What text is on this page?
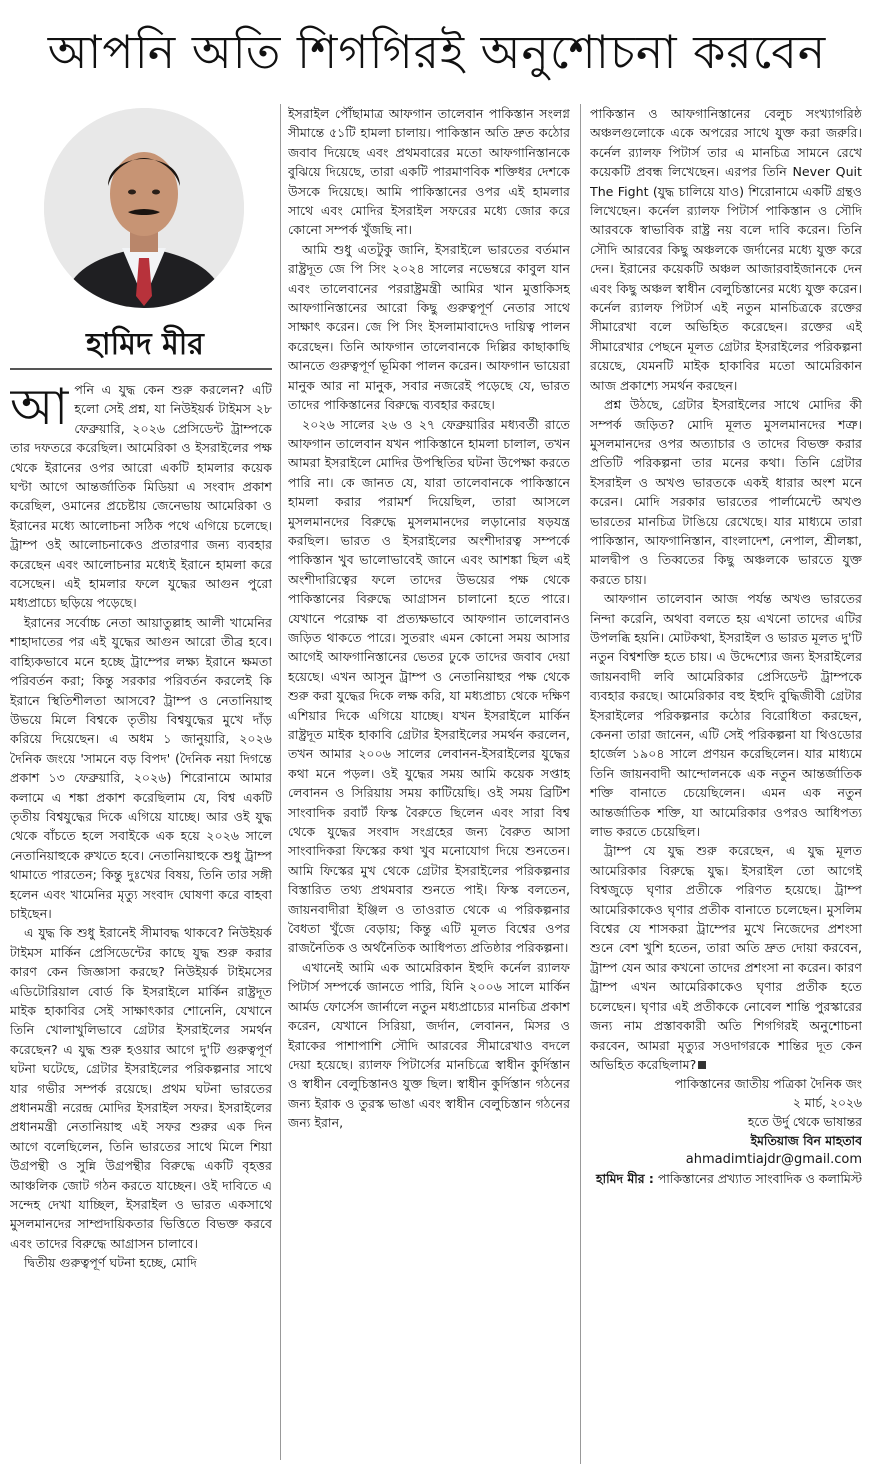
আপনি অতি শিগগিরই অনুশোচনা করবেন
হামিদ মীর

আপনি এ যুদ্ধ কেন শুরু করলেন? এটি হলো সেই প্রশ্ন, যা নিউইয়র্ক টাইমস ২৮ ফেব্রুয়ারি, ২০২৬ প্রেসিডেন্ট ট্রাম্পকে তার দফতরে করেছিল। আমেরিকা ও ইসরাইলের পক্ষ থেকে ইরানের ওপর আরো একটি হামলার কয়েক ঘণ্টা আগে আন্তর্জাতিক মিডিয়া এ সংবাদ প্রকাশ করেছিল, ওমানের প্রচেষ্টায় জেনেভায় আমেরিকা ও ইরানের মধ্যে আলোচনা সঠিক পথে এগিয়ে চলেছে। ট্রাম্প ওই আলোচনাকেও প্রতারণার জন্য ব্যবহার করেছেন এবং আলোচনার মধ্যেই ইরানে হামলা করে বসেছেন। এই হামলার ফলে যুদ্ধের আগুন পুরো মধ্যপ্রাচ্যে ছড়িয়ে পড়েছে।

ইরানের সর্বোচ্চ নেতা আয়াতুল্লাহ আলী খামেনির শাহাদাতের পর এই যুদ্ধের আগুন আরো তীব্র হবে। বাহ্যিকভাবে মনে হচ্ছে ট্রাম্পের লক্ষ্য ইরানে ক্ষমতা পরিবর্তন করা; কিন্তু সরকার পরিবর্তন করলেই কি ইরানে স্থিতিশীলতা আসবে? ট্রাম্প ও নেতানিয়াহু উভয়ে মিলে বিশ্বকে তৃতীয় বিশ্বযুদ্ধের মুখে দাঁড় করিয়ে দিয়েছেন। এ অধম ১ জানুয়ারি, ২০২৬ দৈনিক জংয়ে 'সামনে বড় বিপদ' (দৈনিক নয়া দিগন্তে প্রকাশ ১৩ ফেব্রুয়ারি, ২০২৬) শিরোনামে আমার কলামে এ শঙ্কা প্রকাশ করেছিলাম যে, বিশ্ব একটি তৃতীয় বিশ্বযুদ্ধের দিকে এগিয়ে যাচ্ছে। আর ওই যুদ্ধ থেকে বাঁচতে হলে সবাইকে এক হয়ে ২০২৬ সালে নেতানিয়াহুকে রুখতে হবে। নেতানিয়াহুকে শুধু ট্রাম্প থামাতে পারতেন; কিন্তু দুঃখের বিষয়, তিনি তার সঙ্গী হলেন এবং খামেনির মৃত্যু সংবাদ ঘোষণা করে বাহবা চাইছেন।

এ যুদ্ধ কি শুধু ইরানেই সীমাবদ্ধ থাকবে? নিউইয়র্ক টাইমস মার্কিন প্রেসিডেন্টের কাছে যুদ্ধ শুরু করার কারণ কেন জিজ্ঞাসা করছে? নিউইয়র্ক টাইমসের এডিটোরিয়াল বোর্ড কি ইসরাইলে মার্কিন রাষ্ট্রদূত মাইক হাকাবির সেই সাক্ষাৎকার শোনেনি, যেখানে তিনি খোলাখুলিভাবে গ্রেটার ইসরাইলের সমর্থন করেছেন? এ যুদ্ধ শুরু হওয়ার আগে দু'টি গুরুত্বপূর্ণ ঘটনা ঘটেছে, গ্রেটার ইসরাইলের পরিকল্পনার সাথে যার গভীর সম্পর্ক রয়েছে। প্রথম ঘটনা ভারতের প্রধানমন্ত্রী নরেন্দ্র মোদির ইসরাইল সফর। ইসরাইলের প্রধানমন্ত্রী নেতানিয়াহু এই সফর শুরুর এক দিন আগে বলেছিলেন, তিনি ভারতের সাথে মিলে শিয়া উগ্রপন্থী ও সুন্নি উগ্রপন্থীর বিরুদ্ধে একটি বৃহত্তর আঞ্চলিক জোট গঠন করতে যাচ্ছেন। ওই দাবিতে এ সন্দেহ দেখা যাচ্ছিল, ইসরাইল ও ভারত একসাথে মুসলমানদের সাম্প্রদায়িকতার ভিত্তিতে বিভক্ত করবে এবং তাদের বিরুদ্ধে আগ্রাসন চালাবে।

দ্বিতীয় গুরুত্বপূর্ণ ঘটনা হচ্ছে, মোদি

ইসরাইল পৌঁছামাত্র আফগান তালেবান পাকিস্তান সংলগ্ন সীমান্তে ৫১টি হামলা চালায়। পাকিস্তান অতি দ্রুত কঠোর জবাব দিয়েছে এবং প্রথমবারের মতো আফগানিস্তানকে বুঝিয়ে দিয়েছে, তারা একটি পারমাণবিক শক্তিধর দেশকে উসকে দিয়েছে। আমি পাকিস্তানের ওপর এই হামলার সাথে এবং মোদির ইসরাইল সফরের মধ্যে জোর করে কোনো সম্পর্ক খুঁজছি না।

আমি শুধু এতটুকু জানি, ইসরাইলে ভারতের বর্তমান রাষ্ট্রদূত জে পি সিং ২০২৪ সালের নভেম্বরে কাবুল যান এবং তালেবানের পররাষ্ট্রমন্ত্রী আমির খান মুত্তাকিসহ আফগানিস্তানের আরো কিছু গুরুত্বপূর্ণ নেতার সাথে সাক্ষাৎ করেন। জে পি সিং ইসলামাবাদেও দায়িত্ব পালন করেছেন। তিনি আফগান তালেবানকে দিল্লির কাছাকাছি আনতে গুরুত্বপূর্ণ ভূমিকা পালন করেন। আফগান ভায়েরা মানুক আর না মানুক, সবার নজরেই পড়েছে যে, ভারত তাদের পাকিস্তানের বিরুদ্ধে ব্যবহার করছে।

২০২৬ সালের ২৬ ও ২৭ ফেব্রুয়ারির মধ্যবর্তী রাতে আফগান তালেবান যখন পাকিস্তানে হামলা চালাল, তখন আমরা ইসরাইলে মোদির উপস্থিতির ঘটনা উপেক্ষা করতে পারি না। কে জানত যে, যারা তালেবানকে পাকিস্তানে হামলা করার পরামর্শ দিয়েছিল, তারা আসলে মুসলমানদের বিরুদ্ধে মুসলমানদের লড়ানোর ষড়যন্ত্র করছিল। ভারত ও ইসরাইলের অংশীদারত্ব সম্পর্কে পাকিস্তান খুব ভালোভাবেই জানে এবং আশঙ্কা ছিল এই অংশীদারিত্বের ফলে তাদের উভয়ের পক্ষ থেকে পাকিস্তানের বিরুদ্ধে আগ্রাসন চালানো হতে পারে। যেখানে পরোক্ষ বা প্রত্যক্ষভাবে আফগান তালেবানও জড়িত থাকতে পারে। সুতরাং এমন কোনো সময় আসার আগেই আফগানিস্তানের ভেতর ঢুকে তাদের জবাব দেয়া হয়েছে। এখন আসুন ট্রাম্প ও নেতানিয়াহুর পক্ষ থেকে শুরু করা যুদ্ধের দিকে লক্ষ করি, যা মধ্যপ্রাচ্য থেকে দক্ষিণ এশিয়ার দিকে এগিয়ে যাচ্ছে। যখন ইসরাইলে মার্কিন রাষ্ট্রদূত মাইক হাকাবি গ্রেটার ইসরাইলের সমর্থন করলেন, তখন আমার ২০০৬ সালের লেবানন-ইসরাইলের যুদ্ধের কথা মনে পড়ল। ওই যুদ্ধের সময় আমি কয়েক সপ্তাহ লেবানন ও সিরিয়ায় সময় কাটিয়েছি। ওই সময় ব্রিটিশ সাংবাদিক রবার্ট ফিস্ক বৈরুতে ছিলেন এবং সারা বিশ্ব থেকে যুদ্ধের সংবাদ সংগ্রহের জন্য বৈরুত আসা সাংবাদিকরা ফিস্কের কথা খুব মনোযোগ দিয়ে শুনতেন। আমি ফিস্কের মুখ থেকে গ্রেটার ইসরাইলের পরিকল্পনার বিস্তারিত তথ্য প্রথমবার শুনতে পাই। ফিস্ক বলতেন, জায়নবাদীরা ইঞ্জিল ও তাওরাত থেকে এ পরিকল্পনার বৈধতা খুঁজে বেড়ায়; কিন্তু এটি মূলত বিশ্বের ওপর রাজনৈতিক ও অর্থনৈতিক আধিপত্য প্রতিষ্ঠার পরিকল্পনা।

এখানেই আমি এক আমেরিকান ইহুদি কর্নেল র‍্যালফ পিটার্স সম্পর্কে জানতে পারি, যিনি ২০০৬ সালে মার্কিন আর্মড ফোর্সেস জার্নালে নতুন মধ্যপ্রাচ্যের মানচিত্র প্রকাশ করেন, যেখানে সিরিয়া, জর্দান, লেবানন, মিসর ও ইরাকের পাশাপাশি সৌদি আরবের সীমারেখাও বদলে দেয়া হয়েছে। র‍্যালফ পিটার্সের মানচিত্রে স্বাধীন কুর্দিস্তান ও স্বাধীন বেলুচিস্তানও যুক্ত ছিল। স্বাধীন কুর্দিস্তান গঠনের জন্য ইরাক ও তুরস্ক ভাঙা এবং স্বাধীন বেলুচিস্তান গঠনের জন্য ইরান,

পাকিস্তান ও আফগানিস্তানের বেলুচ সংখ্যাগরিষ্ঠ অঞ্চলগুলোকে একে অপরের সাথে যুক্ত করা জরুরি। কর্নেল র‍্যালফ পিটার্স তার এ মানচিত্র সামনে রেখে কয়েকটি প্রবন্ধ লিখেছেন। এরপর তিনি Never Quit The Fight (যুদ্ধ চালিয়ে যাও) শিরোনামে একটি গ্রন্থও লিখেছেন। কর্নেল র‍্যালফ পিটার্স পাকিস্তান ও সৌদি আরবকে স্বাভাবিক রাষ্ট্র নয় বলে দাবি করেন। তিনি সৌদি আরবের কিছু অঞ্চলকে জর্দানের মধ্যে যুক্ত করে দেন। ইরানের কয়েকটি অঞ্চল আজারবাইজানকে দেন এবং কিছু অঞ্চল স্বাধীন বেলুচিস্তানের মধ্যে যুক্ত করেন। কর্নেল র‍্যালফ পিটার্স এই নতুন মানচিত্রকে রক্তের সীমারেখা বলে অভিহিত করেছেন। রক্তের এই সীমারেখার পেছনে মূলত গ্রেটার ইসরাইলের পরিকল্পনা রয়েছে, যেমনটি মাইক হাকাবির মতো আমেরিকান আজ প্রকাশ্যে সমর্থন করছেন।

প্রশ্ন উঠছে, গ্রেটার ইসরাইলের সাথে মোদির কী সম্পর্ক জড়িত? মোদি মূলত মুসলমানদের শত্রু। মুসলমানদের ওপর অত্যাচার ও তাদের বিভক্ত করার প্রতিটি পরিকল্পনা তার মনের কথা। তিনি গ্রেটার ইসরাইল ও অখণ্ড ভারতকে একই ধারার অংশ মনে করেন। মোদি সরকার ভারতের পার্লামেন্টে অখণ্ড ভারতের মানচিত্র টাঙিয়ে রেখেছে। যার মাধ্যমে তারা পাকিস্তান, আফগানিস্তান, বাংলাদেশ, নেপাল, শ্রীলঙ্কা, মালদ্বীপ ও তিব্বতের কিছু অঞ্চলকে ভারতে যুক্ত করতে চায়।

আফগান তালেবান আজ পর্যন্ত অখণ্ড ভারতের নিন্দা করেনি, অথবা বলতে হয় এখনো তাদের এটির উপলব্ধি হয়নি। মোটকথা, ইসরাইল ও ভারত মূলত দু'টি নতুন বিশ্বশক্তি হতে চায়। এ উদ্দেশ্যের জন্য ইসরাইলের জায়নবাদী লবি আমেরিকার প্রেসিডেন্ট ট্রাম্পকে ব্যবহার করছে। আমেরিকার বহু ইহুদি বুদ্ধিজীবী গ্রেটার ইসরাইলের পরিকল্পনার কঠোর বিরোধিতা করছেন, কেননা তারা জানেন, এটি সেই পরিকল্পনা যা থিওডোর হার্জেল ১৯০৪ সালে প্রণয়ন করেছিলেন। যার মাধ্যমে তিনি জায়নবাদী আন্দোলনকে এক নতুন আন্তর্জাতিক শক্তি বানাতে চেয়েছিলেন। এমন এক নতুন আন্তর্জাতিক শক্তি, যা আমেরিকার ওপরও আধিপত্য লাভ করতে চেয়েছিল।

ট্রাম্প যে যুদ্ধ শুরু করেছেন, এ যুদ্ধ মূলত আমেরিকার বিরুদ্ধে যুদ্ধ। ইসরাইল তো আগেই বিশ্বজুড়ে ঘৃণার প্রতীকে পরিণত হয়েছে। ট্রাম্প আমেরিকাকেও ঘৃণার প্রতীক বানাতে চলেছেন। মুসলিম বিশ্বের যে শাসকরা ট্রাম্পের মুখে নিজেদের প্রশংসা শুনে বেশ খুশি হতেন, তারা অতি দ্রুত দোয়া করবেন, ট্রাম্প যেন আর কখনো তাদের প্রশংসা না করেন। কারণ ট্রাম্প এখন আমেরিকাকেও ঘৃণার প্রতীক হতে চলেছেন। ঘৃণার এই প্রতীককে নোবেল শান্তি পুরস্কারের জন্য নাম প্রস্তাবকারী অতি শিগগিরই অনুশোচনা করবেন, আমরা মৃত্যুর সওদাগরকে শান্তির দূত কেন অভিহিত করেছিলাম?

পাকিস্তানের জাতীয় পত্রিকা দৈনিক জং
২ মার্চ, ২০২৬
হতে উর্দু থেকে ভাষান্তর
ইমতিয়াজ বিন মাহতাব
ahmadimtiajdr@gmail.com
হামিদ মীর : পাকিস্তানের প্রখ্যাত সাংবাদিক ও কলামিস্ট
